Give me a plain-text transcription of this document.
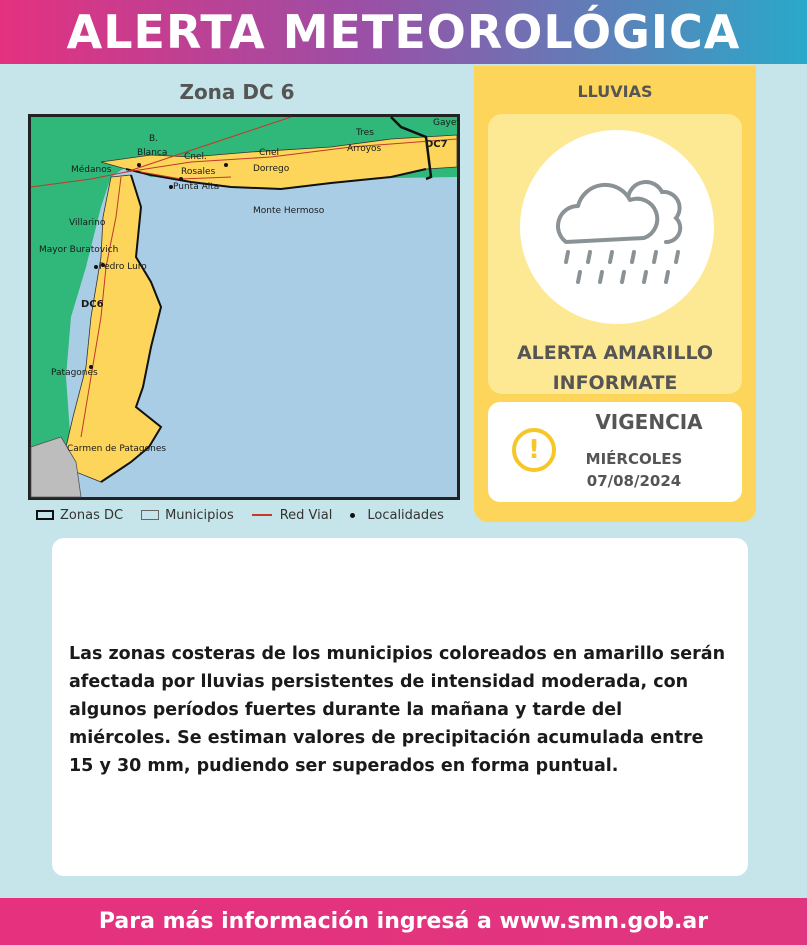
ALERTA METEOROLÓGICA
Zona DC 6
B.
Blanca
Tres
Arroyos
Gayet
DC7
Médanos
Cnel.
Rosales
Cnel
Dorrego
Punta Alta
Monte Hermoso
Villarino
Mayor Buratovich
Pedro Luro
DC6
Patagones
Carmen de Patagones
Zonas DC	Municipios	Red Vial	Localidades
LLUVIAS
ALERTA AMARILLO
INFORMATE
!
VIGENCIA
MIÉRCOLES
07/08/2024

Las zonas costeras de los municipios coloreados en amarillo serán afectada por lluvias persistentes de intensidad moderada, con algunos períodos fuertes durante la mañana y tarde del miércoles. Se estiman valores de precipitación acumulada entre 15 y 30 mm, pudiendo ser superados en forma puntual.

Para más información ingresá a www.smn.gob.ar
